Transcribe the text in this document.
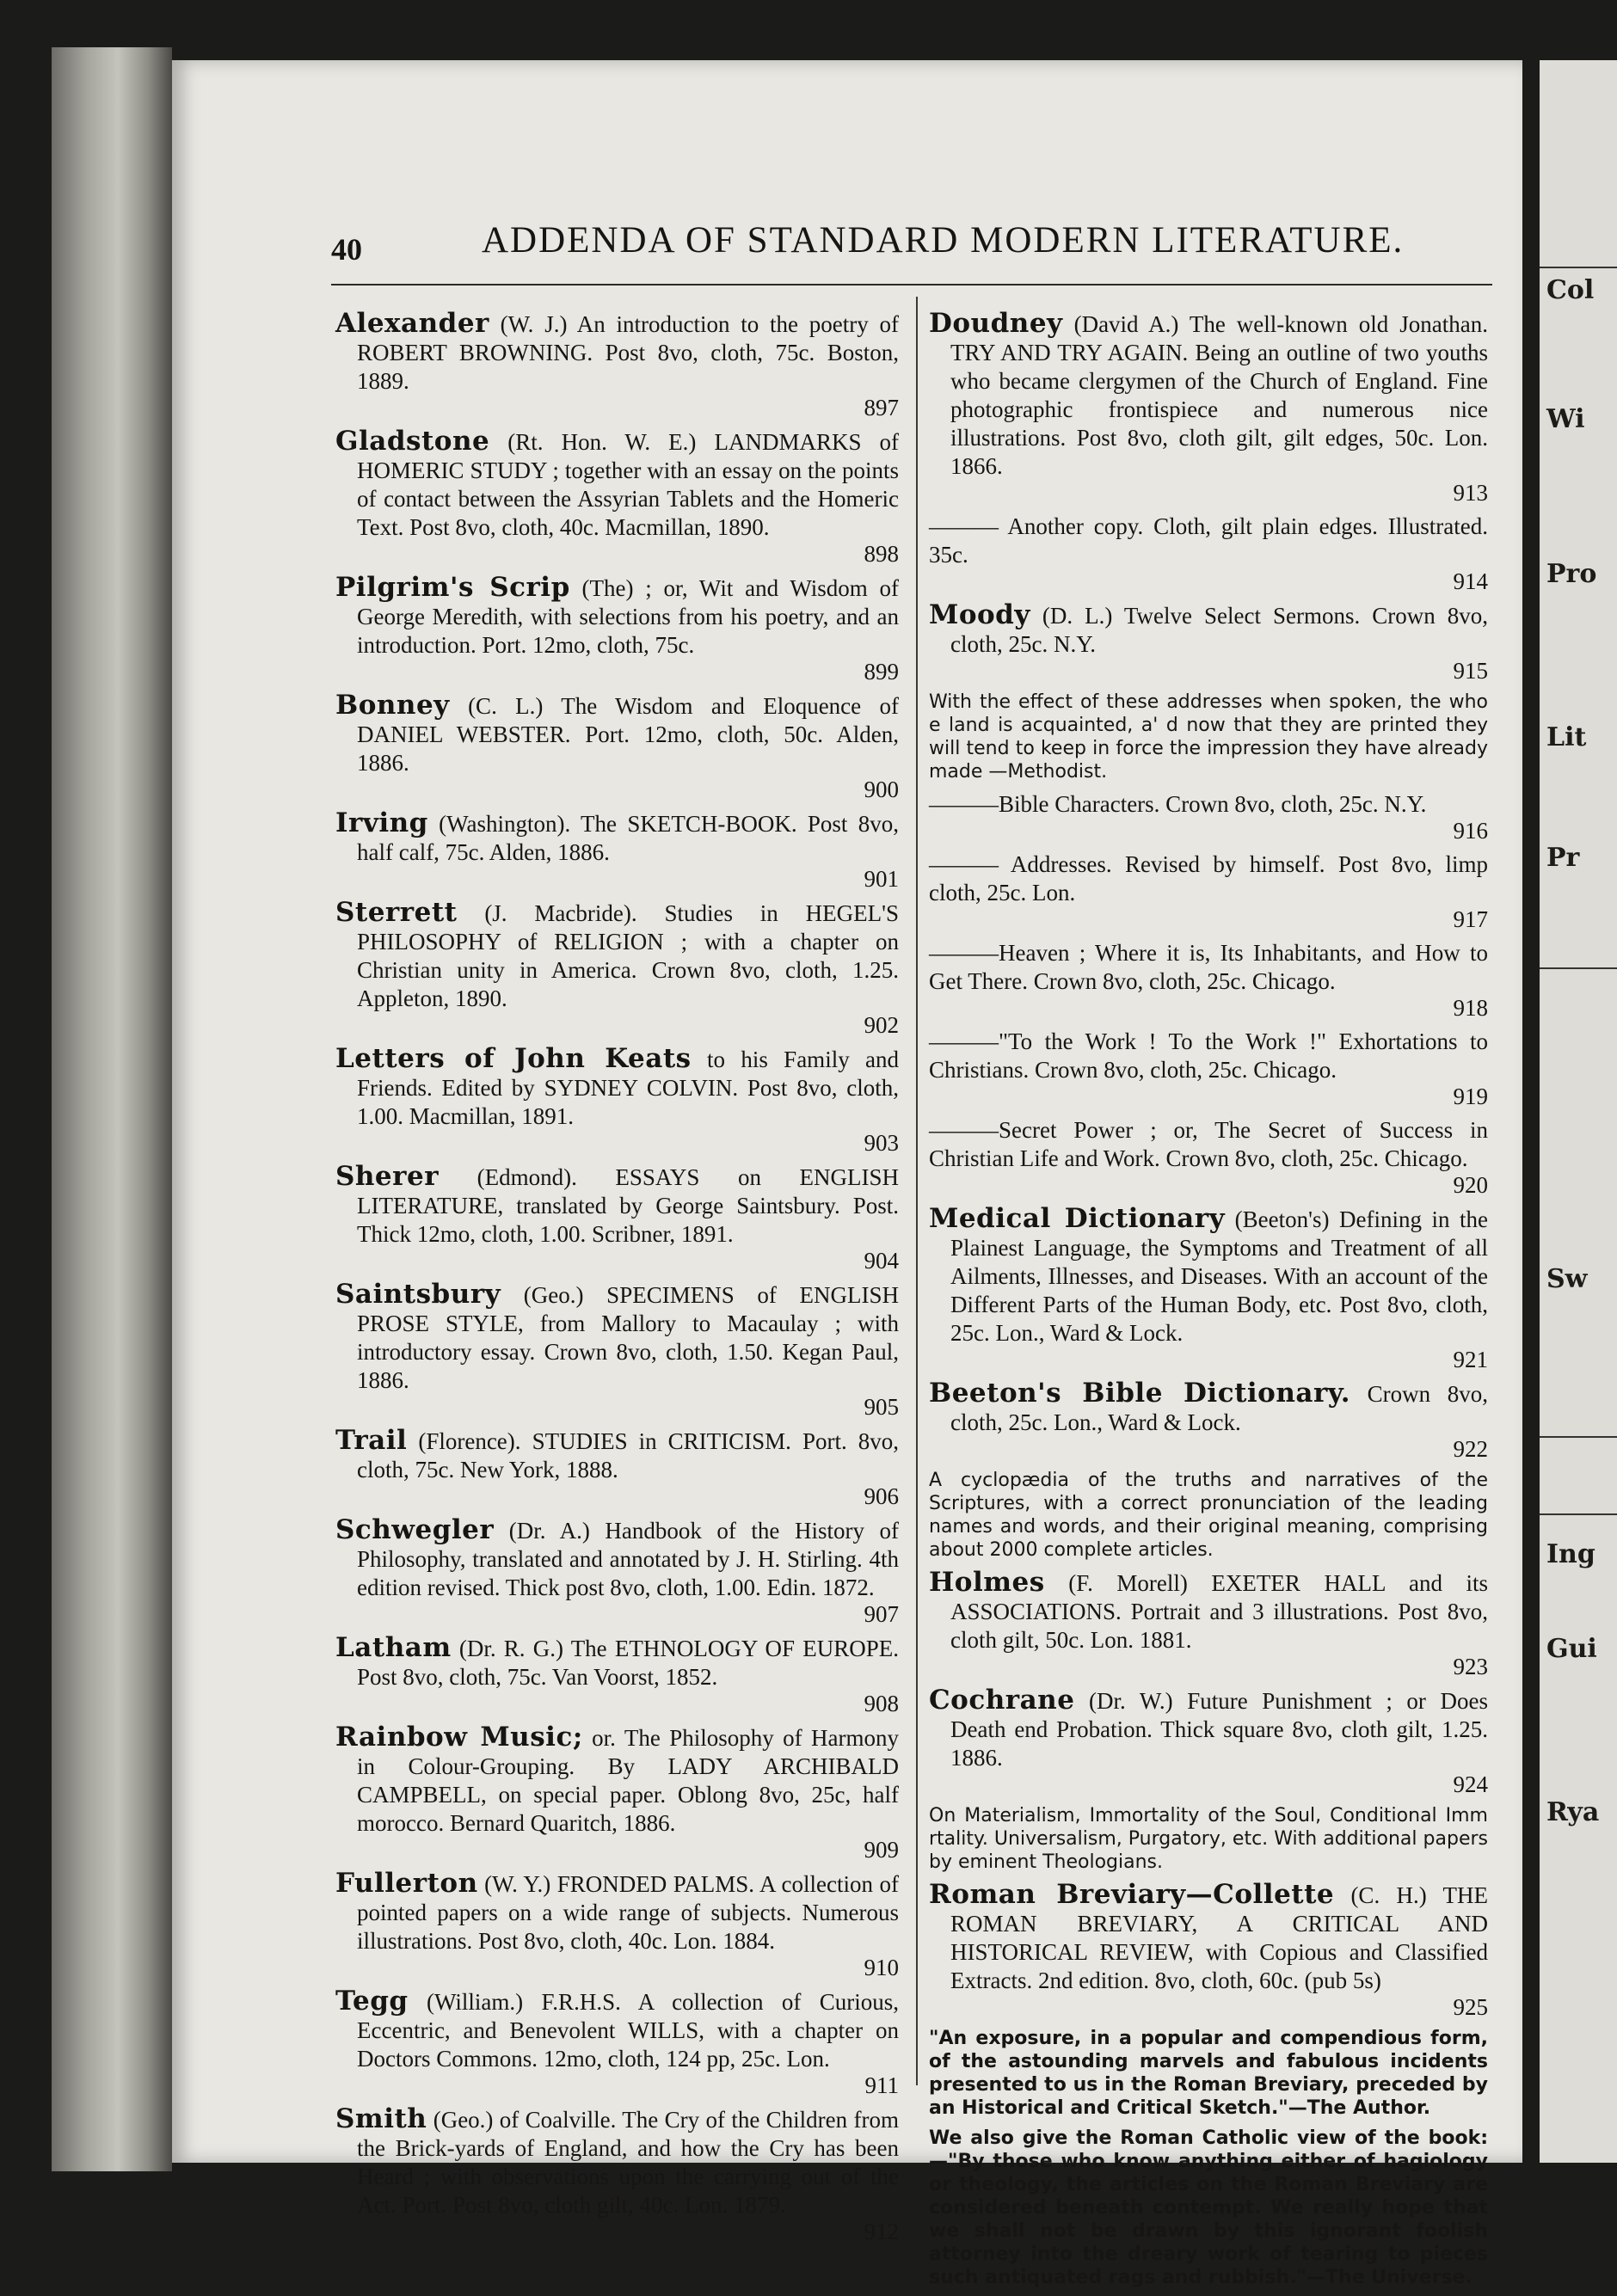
Col
Wi
Pro
Lit
Pr
Sw
Ing
Gui
Rya
40	ADDENDA OF STANDARD MODERN LITERATURE.
Alexander (W. J.) An introduction to the poetry of ROBERT BROWNING. Post 8vo, cloth, 75c. Boston, 1889.
897
Gladstone (Rt. Hon. W. E.) LANDMARKS of HOMERIC STUDY ; together with an essay on the points of contact between the Assyrian Tablets and the Homeric Text. Post 8vo, cloth, 40c. Macmillan, 1890.
898
Pilgrim's Scrip (The) ; or, Wit and Wisdom of George Meredith, with selections from his poetry, and an introduction. Port. 12mo, cloth, 75c.
899
Bonney (C. L.) The Wisdom and Eloquence of DANIEL WEBSTER. Port. 12mo, cloth, 50c. Alden, 1886.
900
Irving (Washington). The SKETCH-BOOK. Post 8vo, half calf, 75c. Alden, 1886.
901
Sterrett (J. Macbride). Studies in HEGEL'S PHILOSOPHY of RELIGION ; with a chapter on Christian unity in America. Crown 8vo, cloth, 1.25. Appleton, 1890.
902
Letters of John Keats to his Family and Friends. Edited by SYDNEY COLVIN. Post 8vo, cloth, 1.00. Macmillan, 1891.
903
Sherer (Edmond). ESSAYS on ENGLISH LITERATURE, translated by George Saintsbury. Post. Thick 12mo, cloth, 1.00. Scribner, 1891.
904
Saintsbury (Geo.) SPECIMENS of ENGLISH PROSE STYLE, from Mallory to Macaulay ; with introductory essay. Crown 8vo, cloth, 1.50. Kegan Paul, 1886.
905
Trail (Florence). STUDIES in CRITICISM. Port. 8vo, cloth, 75c. New York, 1888.
906
Schwegler (Dr. A.) Handbook of the History of Philosophy, translated and annotated by J. H. Stirling. 4th edition revised. Thick post 8vo, cloth, 1.00. Edin. 1872.
907
Latham (Dr. R. G.) The ETHNOLOGY OF EUROPE. Post 8vo, cloth, 75c. Van Voorst, 1852.
908
Rainbow Music; or. The Philosophy of Harmony in Colour-Grouping. By LADY ARCHIBALD CAMPBELL, on special paper. Oblong 8vo, 25c, half morocco. Bernard Quaritch, 1886.
909
Fullerton (W. Y.) FRONDED PALMS. A collection of pointed papers on a wide range of subjects. Numerous illustrations. Post 8vo, cloth, 40c. Lon. 1884.
910
Tegg (William.) F.R.H.S. A collection of Curious, Eccentric, and Benevolent WILLS, with a chapter on Doctors Commons. 12mo, cloth, 124 pp, 25c. Lon.
911
Smith (Geo.) of Coalville. The Cry of the Children from the Brick-yards of England, and how the Cry has been Heard ; with observations upon the carrying out of the Act. Port. Post 8vo, cloth gilt, 40c. Lon. 1879.
912
Doudney (David A.) The well-known old Jonathan. TRY AND TRY AGAIN. Being an outline of two youths who became clergymen of the Church of England. Fine photographic frontispiece and numerous nice illustrations. Post 8vo, cloth gilt, gilt edges, 50c. Lon. 1866.
913
——— Another copy. Cloth, gilt plain edges. Illustrated. 35c.
914
Moody (D. L.) Twelve Select Sermons. Crown 8vo, cloth, 25c. N.Y.
915
With the effect of these addresses when spoken, the who e land is acquainted, a' d now that they are printed they will tend to keep in force the impression they have already made —Methodist.
———Bible Characters. Crown 8vo, cloth, 25c. N.Y.
916
——— Addresses. Revised by himself. Post 8vo, limp cloth, 25c. Lon.
917
———Heaven ; Where it is, Its Inhabitants, and How to Get There. Crown 8vo, cloth, 25c. Chicago.
918
———"To the Work ! To the Work !" Exhortations to Christians. Crown 8vo, cloth, 25c. Chicago.
919
———Secret Power ; or, The Secret of Success in Christian Life and Work. Crown 8vo, cloth, 25c. Chicago.
920
Medical Dictionary (Beeton's) Defining in the Plainest Language, the Symptoms and Treatment of all Ailments, Illnesses, and Diseases. With an account of the Different Parts of the Human Body, etc. Post 8vo, cloth, 25c. Lon., Ward & Lock.
921
Beeton's Bible Dictionary. Crown 8vo, cloth, 25c. Lon., Ward & Lock.
922
A cyclopædia of the truths and narratives of the Scriptures, with a correct pronunciation of the leading names and words, and their original meaning, comprising about 2000 complete articles.
Holmes (F. Morell) EXETER HALL and its ASSOCIATIONS. Portrait and 3 illustrations. Post 8vo, cloth gilt, 50c. Lon. 1881.
923
Cochrane (Dr. W.) Future Punishment ; or Does Death end Probation. Thick square 8vo, cloth gilt, 1.25. 1886.
924
On Materialism, Immortality of the Soul, Conditional Imm rtality. Universalism, Purgatory, etc. With additional papers by eminent Theologians.
Roman Breviary—Collette (C. H.) THE ROMAN BREVIARY, A CRITICAL AND HISTORICAL REVIEW, with Copious and Classified Extracts. 2nd edition. 8vo, cloth, 60c. (pub 5s)
925
"An exposure, in a popular and compendious form, of the astounding marvels and fabulous incidents presented to us in the Roman Breviary, preceded by an Historical and Critical Sketch."—The Author.
We also give the Roman Catholic view of the book: —"By those who know anything either of hagiology or theology, the articles on the Roman Breviary are considered beneath contempt. We really hope that we shall not be drawn by this ignorant foolish attorney into the dreary work of tearing to pieces such antiquated rags and rubbish."—The Universe.
